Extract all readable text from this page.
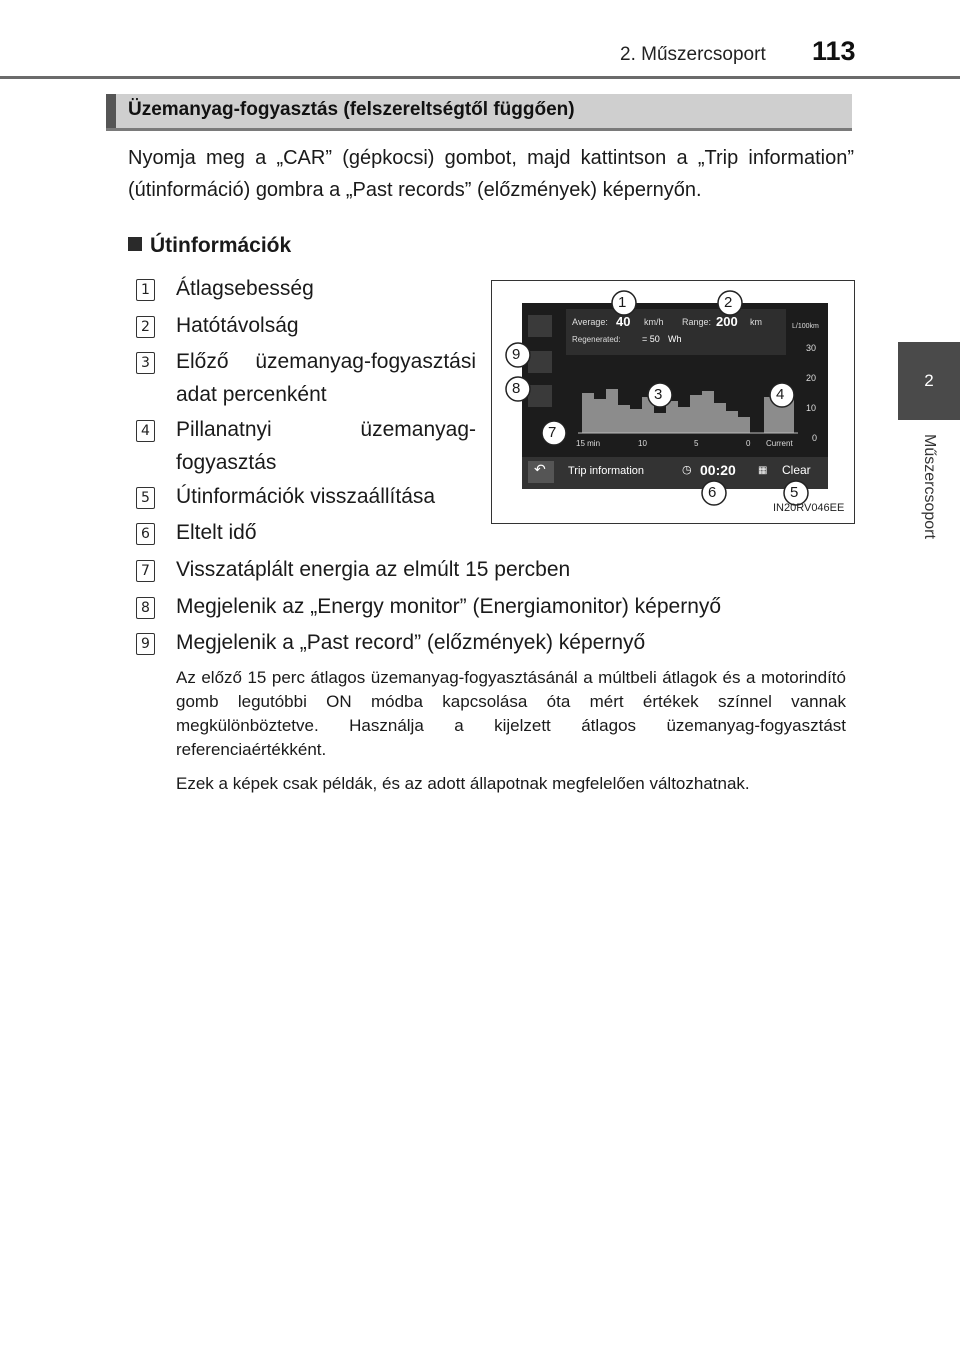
2. Műszercsoport	113
2
Műszercsoport
Üzemanyag-fogyasztás (felszereltségtől függően)
Nyomja meg a „CAR” (gépkocsi) gombot, majd kattintson a „Trip information” (útinformáció) gombra a „Past records” (előzmények) képernyőn.
Útinformációk
1 Átlagsebesség
2 Hatótávolság
3 Előző üzemanyag-fogyasztási adat percenként
4 Pillanatnyi üzemanyag-fogyasztás
5 Útinformációk visszaállítása
6 Eltelt idő
7 Visszatáplált energia az elmúlt 15 percben
8 Megjelenik az „Energy monitor” (Energiamonitor) képernyő
9 Megjelenik a „Past record” (előzmények) képernyő
Az előző 15 perc átlagos üzemanyag-fogyasztásánál a múltbeli átlagok és a motorindító gomb legutóbbi ON módba kapcsolása óta mért értékek színnel vannak megkülönböztetve. Használja a kijelzett átlagos üzemanyag-fogyasztást referenciaértékként.
Ezek a képek csak példák, és az adott állapotnak megfelelően változhatnak.
Average: 40 km/h Range: 200 km
Regenerated: = 50 Wh
L/100km
30
20
10
0
15 min	10	5	0 Current
↶ Trip information	◷ 00:20 ▦ Clear
1	2
3	4
5
6
7
8
9
IN20RV046EE
